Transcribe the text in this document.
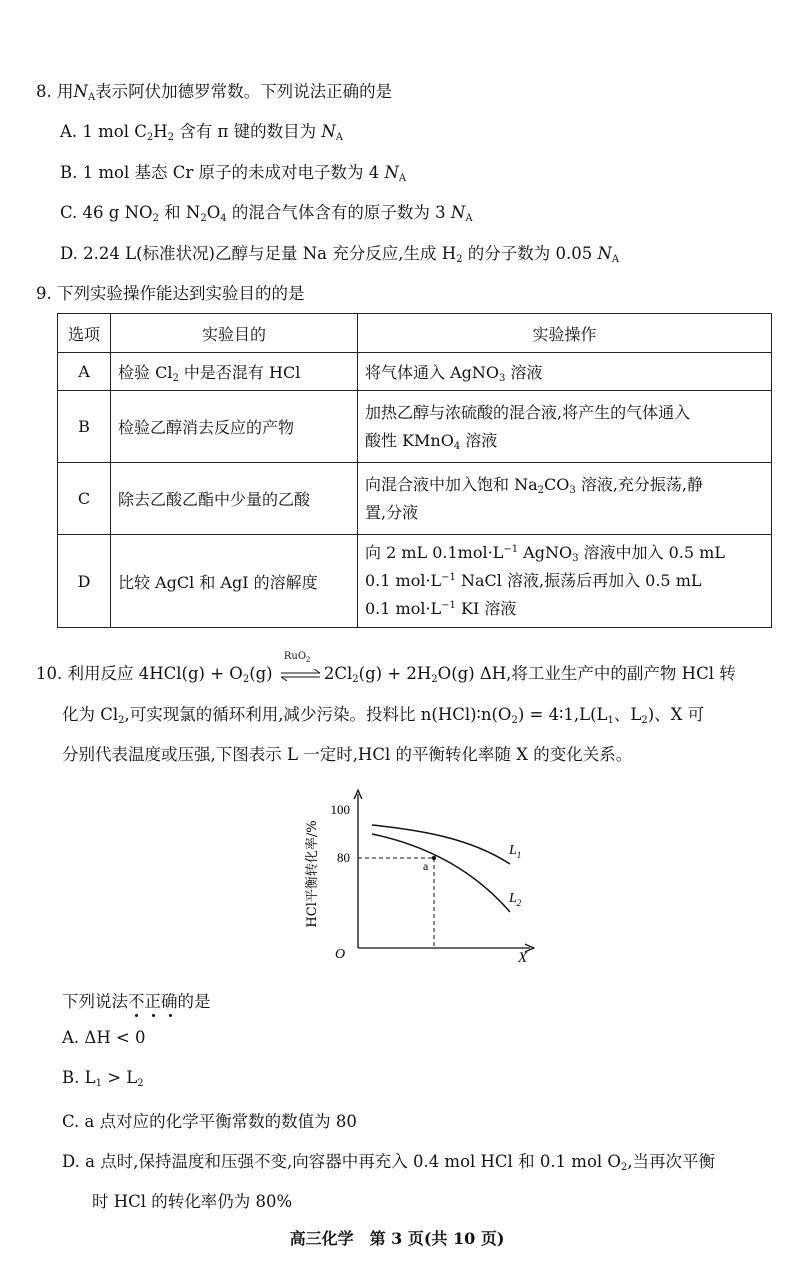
8. 用$N_A$表示阿伏加德罗常数。下列说法正确的是
A. 1 mol $C_2H_2$ 含有 π 键的数目为 $N_A$
B. 1 mol 基态 Cr 原子的未成对电子数为 4 $N_A$
C. 46 g $NO_2$ 和 $N_2O_4$ 的混合气体含有的原子数为 3 $N_A$
D. 2.24 L(标准状况)乙醇与足量 Na 充分反应,生成 $H_2$ 的分子数为 0.05 $N_A$
9. 下列实验操作能达到实验目的的是
选项	实验目的	实验操作
A	检验 $Cl_2$ 中是否混有 HCl	将气体通入 AgNO$_3$ 溶液
B	检验乙醇消去反应的产物	加热乙醇与浓硫酸的混合液,将产生的气体通入
酸性 KMnO$_4$ 溶液
C	除去乙酸乙酯中少量的乙酸	向混合液中加入饱和 $Na_2CO_3$ 溶液,充分振荡,静
置,分液
D	比较 AgCl 和 AgI 的溶解度	向 2 mL $0.1mol\cdot L^{-1}$ AgNO$_3$ 溶液中加入 0.5 mL
0.1 $mol\cdot L^{-1}$ NaCl 溶液,振荡后再加入 0.5 mL
0.1 $mol\cdot L^{-1}$ KI 溶液
10. 利用反应 $4HCl(g) + O_2(g)$
RuO$_2$
$2Cl_2(g) + 2H_2O(g)$ ΔH,将工业生产中的副产物 HCl 转
化为 $Cl_2$,可实现氯的循环利用,减少污染。投料比 $n(HCl)∶n(O_2)$ = $4∶1,L(L_1$、$L_2$)、X 可
分别代表温度或压强,下图表示 L 一定时,HCl 的平衡转化率随 X 的变化关系。
100
80
O	X
HCl平衡转化率/%	a
$L_1$
$L_2$
下列说法不正确
的是
A. ΔH < 0
B. $L_1 > L_2$
C. a 点对应的化学平衡常数的数值为 80
D. a 点时,保持温度和压强不变,向容器中再充入 0.4 mol HCl 和 0.1 mol $O_2$,当再次平衡
时 HCl 的转化率仍为 80%
高三化学　第 3 页(共 10 页)
